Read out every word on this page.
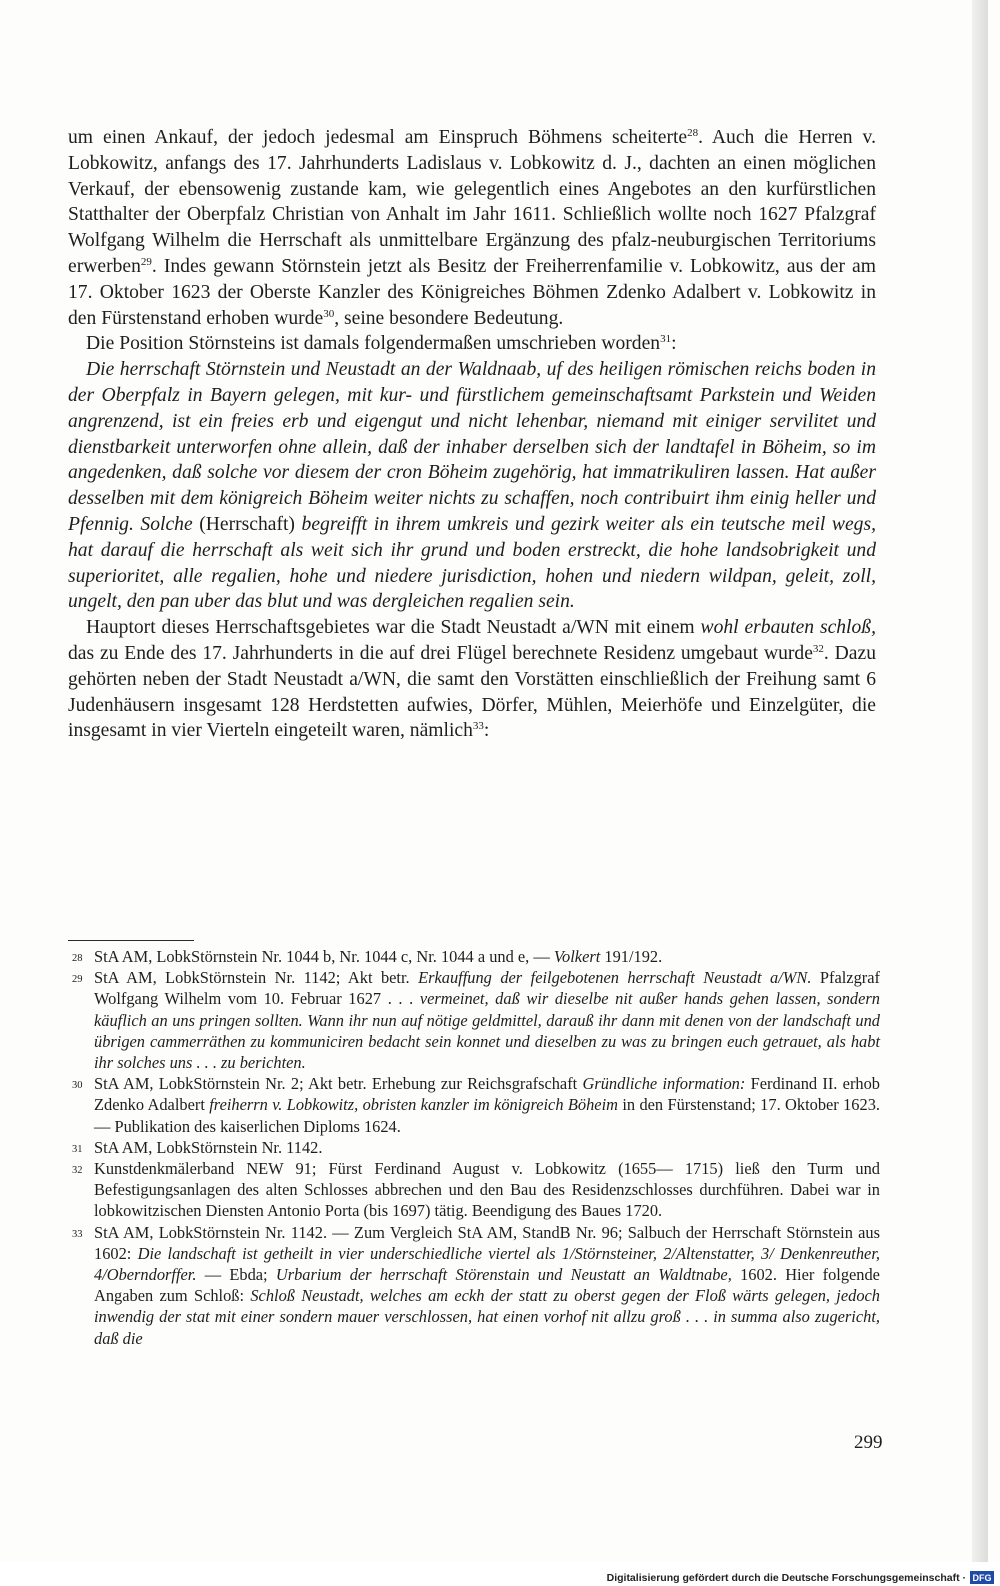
um einen Ankauf, der jedoch jedesmal am Einspruch Böhmens scheiterte$^{28}$. Auch die Herren v. Lobkowitz, anfangs des 17. Jahrhunderts Ladislaus v. Lobkowitz d. J., dachten an einen möglichen Verkauf, der ebensowenig zustande kam, wie gelegentlich eines Angebotes an den kurfürstlichen Statthalter der Oberpfalz Christian von Anhalt im Jahr 1611. Schließlich wollte noch 1627 Pfalzgraf Wolfgang Wilhelm die Herrschaft als unmittelbare Ergänzung des pfalz-neuburgischen Territoriums erwerben$^{29}$. Indes gewann Störnstein jetzt als Besitz der Freiherrenfamilie v. Lobkowitz, aus der am 17. Oktober 1623 der Oberste Kanzler des Königreiches Böhmen Zdenko Adalbert v. Lobkowitz in den Fürstenstand erhoben wurde$^{30}$, seine besondere Bedeutung.

Die Position Störnsteins ist damals folgendermaßen umschrieben worden$^{31}$:

Die herrschaft Störnstein und Neustadt an der Waldnaab, uf des heiligen römischen reichs boden in der Oberpfalz in Bayern gelegen, mit kur- und fürstlichem gemeinschaftsamt Parkstein und Weiden angrenzend, ist ein freies erb und eigengut und nicht lehenbar, niemand mit einiger servilitet und dienstbarkeit unterworfen ohne allein, daß der inhaber derselben sich der landtafel in Böheim, so im angedenken, daß solche vor diesem der cron Böheim zugehörig, hat immatrikuliren lassen. Hat außer desselben mit dem königreich Böheim weiter nichts zu schaffen, noch contribuirt ihm einig heller und Pfennig. Solche (Herrschaft) begreifft in ihrem umkreis und gezirk weiter als ein teutsche meil wegs, hat darauf die herrschaft als weit sich ihr grund und boden erstreckt, die hohe landsobrigkeit und superioritet, alle regalien, hohe und niedere jurisdiction, hohen und niedern wildpan, geleit, zoll, ungelt, den pan uber das blut und was dergleichen regalien sein.

Hauptort dieses Herrschaftsgebietes war die Stadt Neustadt a/WN mit einem wohl erbauten schloß, das zu Ende des 17. Jahrhunderts in die auf drei Flügel berechnete Residenz umgebaut wurde$^{32}$. Dazu gehörten neben der Stadt Neustadt a/WN, die samt den Vorstätten einschließlich der Freihung samt 6 Judenhäusern insgesamt 128 Herdstetten aufwies, Dörfer, Mühlen, Meierhöfe und Einzelgüter, die insgesamt in vier Vierteln eingeteilt waren, nämlich$^{33}$:

28 StA AM, LobkStörnstein Nr. 1044 b, Nr. 1044 c, Nr. 1044 a und e, — Volkert 191/192.

29 StA AM, LobkStörnstein Nr. 1142; Akt betr. Erkauffung der feilgebotenen herrschaft Neustadt a/WN. Pfalzgraf Wolfgang Wilhelm vom 10. Februar 1627 . . . vermeinet, daß wir dieselbe nit außer hands gehen lassen, sondern käuflich an uns pringen sollten. Wann ihr nun auf nötige geldmittel, darauß ihr dann mit denen von der landschaft und übrigen cammerräthen zu kommuniciren bedacht sein konnet und dieselben zu was zu bringen euch getrauet, als habt ihr solches uns . . . zu berichten.

30 StA AM, LobkStörnstein Nr. 2; Akt betr. Erhebung zur Reichsgrafschaft Gründliche information: Ferdinand II. erhob Zdenko Adalbert freiherrn v. Lobkowitz, obristen kanzler im königreich Böheim in den Fürstenstand; 17. Oktober 1623. — Publikation des kaiserlichen Diploms 1624.

31 StA AM, LobkStörnstein Nr. 1142.

32 Kunstdenkmälerband NEW 91; Fürst Ferdinand August v. Lobkowitz (1655— 1715) ließ den Turm und Befestigungsanlagen des alten Schlosses abbrechen und den Bau des Residenzschlosses durchführen. Dabei war in lobkowitzischen Diensten Antonio Porta (bis 1697) tätig. Beendigung des Baues 1720.

33 StA AM, LobkStörnstein Nr. 1142. — Zum Vergleich StA AM, StandB Nr. 96; Salbuch der Herrschaft Störnstein aus 1602: Die landschaft ist getheilt in vier underschiedliche viertel als 1/Störnsteiner, 2/Altenstatter, 3/ Denkenreuther, 4/Oberndorffer. — Ebda; Urbarium der herrschaft Störenstain und Neustatt an Waldtnabe, 1602. Hier folgende Angaben zum Schloß: Schloß Neustadt, welches am eckh der statt zu oberst gegen der Floß wärts gelegen, jedoch inwendig der stat mit einer sondern mauer verschlossen, hat einen vorhof nit allzu groß . . . in summa also zugericht, daß die

299
Digitalisierung gefördert durch die Deutsche Forschungsgemeinschaft · DFG
